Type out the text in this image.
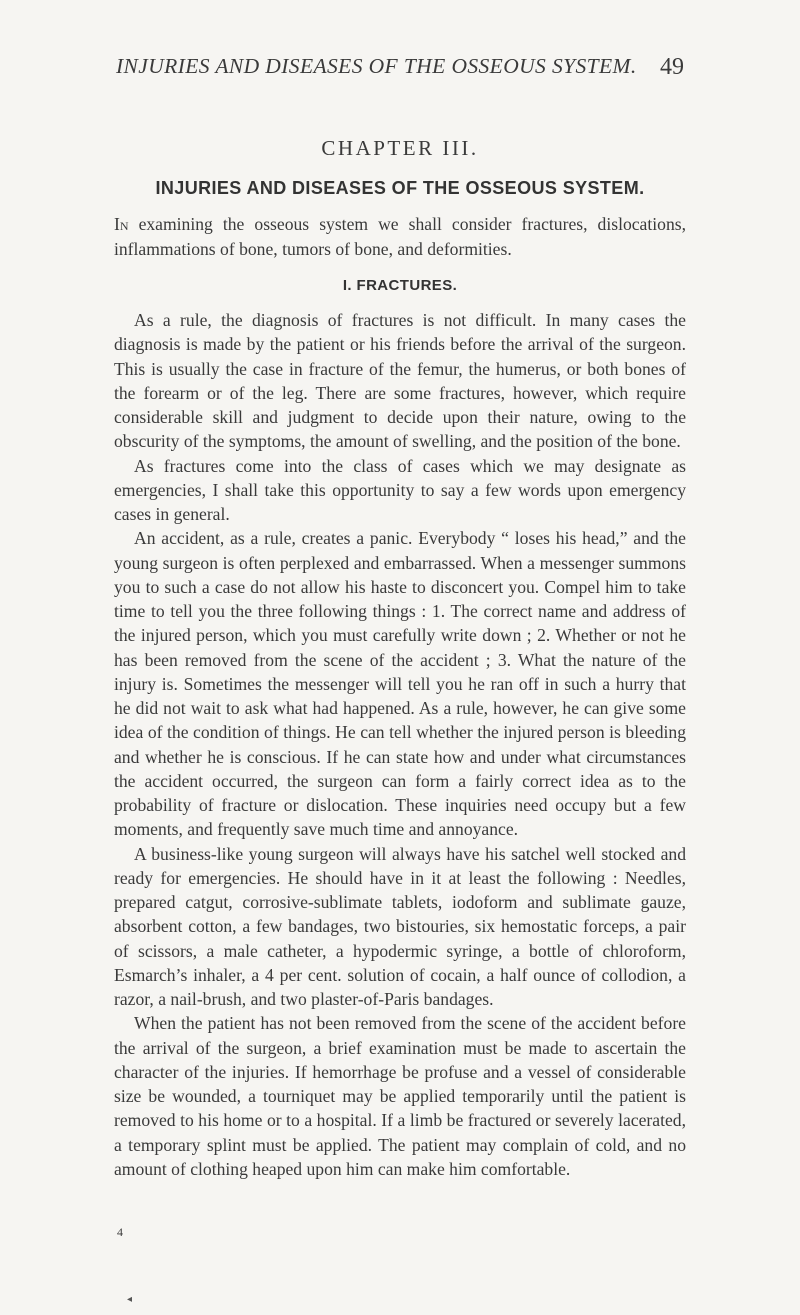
INJURIES AND DISEASES OF THE OSSEOUS SYSTEM. 49
CHAPTER III.
INJURIES AND DISEASES OF THE OSSEOUS SYSTEM.
In examining the osseous system we shall consider fractures, dislocations, inflammations of bone, tumors of bone, and deformities.
I. FRACTURES.

As a rule, the diagnosis of fractures is not difficult. In many cases the diagnosis is made by the patient or his friends before the arrival of the surgeon. This is usually the case in fracture of the femur, the humerus, or both bones of the forearm or of the leg. There are some fractures, however, which require considerable skill and judgment to decide upon their nature, owing to the obscurity of the symptoms, the amount of swelling, and the position of the bone.

As fractures come into the class of cases which we may designate as emergencies, I shall take this opportunity to say a few words upon emergency cases in general.

An accident, as a rule, creates a panic. Everybody “ loses his head,” and the young surgeon is often perplexed and embarrassed. When a messenger summons you to such a case do not allow his haste to disconcert you. Compel him to take time to tell you the three following things : 1. The correct name and address of the injured person, which you must carefully write down ; 2. Whether or not he has been removed from the scene of the accident ; 3. What the nature of the injury is. Sometimes the messenger will tell you he ran off in such a hurry that he did not wait to ask what had happened. As a rule, however, he can give some idea of the condition of things. He can tell whether the injured person is bleeding and whether he is conscious. If he can state how and under what circumstances the accident occurred, the surgeon can form a fairly correct idea as to the probability of fracture or dislocation. These inquiries need occupy but a few moments, and frequently save much time and annoyance.

A business-like young surgeon will always have his satchel well stocked and ready for emergencies. He should have in it at least the following : Needles, prepared catgut, corrosive-sublimate tablets, iodoform and sublimate gauze, absorbent cotton, a few bandages, two bistouries, six hemostatic forceps, a pair of scissors, a male catheter, a hypodermic syringe, a bottle of chloroform, Esmarch’s inhaler, a 4 per cent. solution of cocain, a half ounce of collodion, a razor, a nail-brush, and two plaster-of-Paris bandages.

When the patient has not been removed from the scene of the accident before the arrival of the surgeon, a brief examination must be made to ascertain the character of the injuries. If hemorrhage be profuse and a vessel of considerable size be wounded, a tourniquet may be applied temporarily until the patient is removed to his home or to a hospital. If a limb be fractured or severely lacerated, a temporary splint must be applied. The patient may complain of cold, and no amount of clothing heaped upon him can make him comfortable.

4
◂
